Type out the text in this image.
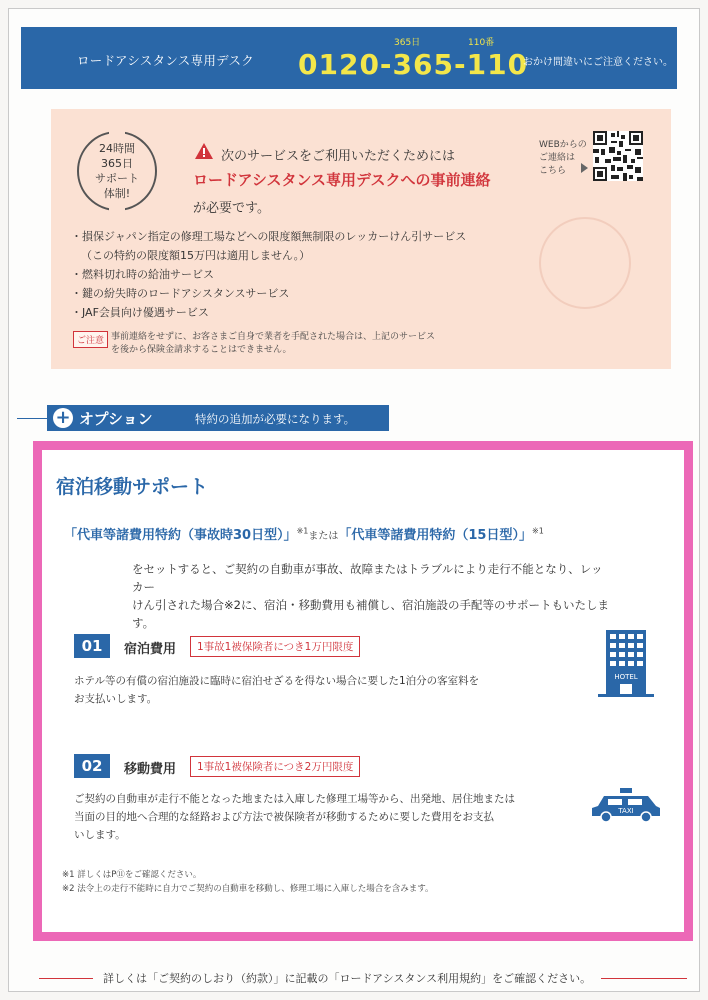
ロードアシスタンス専用デスク
365日	110番
0120-365-110
おかけ間違いにご注意ください。
24時間
365日
サポート
体制!
次のサービスをご利用いただくためには
ロードアシスタンス専用デスクへの事前連絡
が必要です。
WEBからの
ご連絡は
こちら
・損保ジャパン指定の修理工場などへの限度額無制限のレッカーけん引サービス
（この特約の限度額15万円は適用しません。）
・燃料切れ時の給油サービス
・鍵の紛失時のロードアシスタンスサービス
・JAF会員向け優遇サービス
ご注意 事前連絡をせずに、お客さまご自身で業者を手配された場合は、上記のサービス
を後から保険金請求することはできません。
+ オプション	特約の追加が必要になります。
宿泊移動サポート
「代車等諸費用特約（事故時30日型）」$^{※1}$または「代車等諸費用特約（15日型）」$^{※1}$
をセットすると、ご契約の自動車が事故、故障またはトラブルにより走行不能となり、レッカー
けん引された場合※2に、宿泊・移動費用も補償し、宿泊施設の手配等のサポートもいたします。
01	宿泊費用	1事故1被保険者につき1万円限度
ホテル等の有償の宿泊施設に臨時に宿泊せざるを得ない場合に要した1泊分の客室料を
お支払いします。
HOTEL
02	移動費用	1事故1被保険者につき2万円限度
ご契約の自動車が走行不能となった地または入庫した修理工場等から、出発地、居住地または
当面の目的地へ合理的な経路および方法で被保険者が移動するために要した費用をお支払
いします。
TAXI
※1 詳しくはP⑪をご確認ください。
※2 法令上の走行不能時に自力でご契約の自動車を移動し、修理工場に入庫した場合を含みます。
詳しくは「ご契約のしおり（約款）」に記載の「ロードアシスタンス利用規約」をご確認ください。
